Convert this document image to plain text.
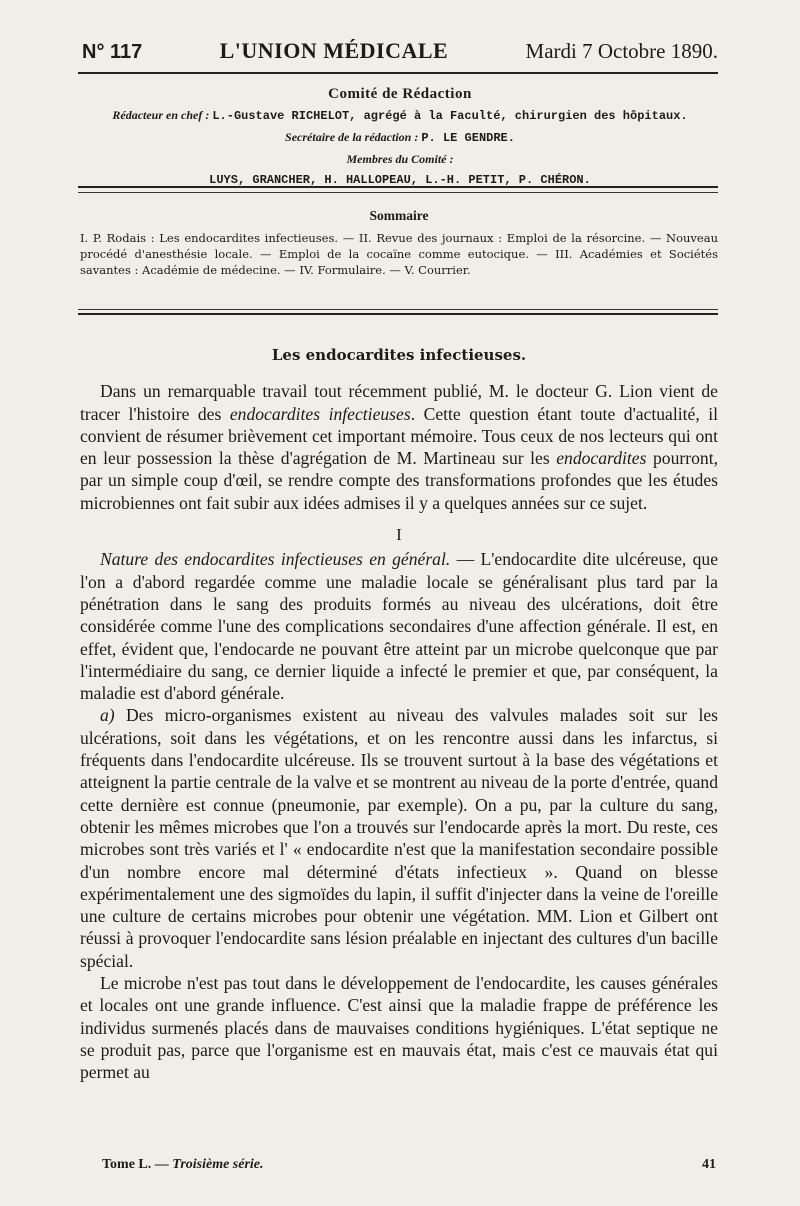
N° 117	L'UNION MÉDICALE	Mardi 7 Octobre 1890.
Comité de Rédaction
Rédacteur en chef : L.-Gustave RICHELOT, agrégé à la Faculté, chirurgien des hôpitaux.
Secrétaire de la rédaction : P. LE GENDRE.
Membres du Comité :
LUYS, GRANCHER, H. HALLOPEAU, L.-H. PETIT, P. CHÉRON.
Sommaire

I. P. Rodais : Les endocardites infectieuses. — II. Revue des journaux : Emploi de la résorcine. — Nouveau procédé d'anesthésie locale. — Emploi de la cocaïne comme eutocique. — III. Académies et Sociétés savantes : Académie de médecine. — IV. Formulaire. — V. Courrier.

Les endocardites infectieuses.

Dans un remarquable travail tout récemment publié, M. le docteur G. Lion vient de tracer l'histoire des endocardites infectieuses. Cette question étant toute d'actualité, il convient de résumer brièvement cet important mémoire. Tous ceux de nos lecteurs qui ont en leur possession la thèse d'agrégation de M. Martineau sur les endocardites pourront, par un simple coup d'œil, se rendre compte des transformations profondes que les études microbiennes ont fait subir aux idées admises il y a quelques années sur ce sujet.

I

Nature des endocardites infectieuses en général. — L'endocardite dite ulcéreuse, que l'on a d'abord regardée comme une maladie locale se généralisant plus tard par la pénétration dans le sang des produits formés au niveau des ulcérations, doit être considérée comme l'une des complications secondaires d'une affection générale. Il est, en effet, évident que, l'endocarde ne pouvant être atteint par un microbe quelconque que par l'intermédiaire du sang, ce dernier liquide a infecté le premier et que, par conséquent, la maladie est d'abord générale.

a) Des micro-organismes existent au niveau des valvules malades soit sur les ulcérations, soit dans les végétations, et on les rencontre aussi dans les infarctus, si fréquents dans l'endocardite ulcéreuse. Ils se trouvent surtout à la base des végétations et atteignent la partie centrale de la valve et se montrent au niveau de la porte d'entrée, quand cette dernière est connue (pneumonie, par exemple). On a pu, par la culture du sang, obtenir les mêmes microbes que l'on a trouvés sur l'endocarde après la mort. Du reste, ces microbes sont très variés et l' « endocardite n'est que la manifestation secondaire possible d'un nombre encore mal déterminé d'états infectieux ». Quand on blesse expérimentalement une des sigmoïdes du lapin, il suffit d'injecter dans la veine de l'oreille une culture de certains microbes pour obtenir une végétation. MM. Lion et Gilbert ont réussi à provoquer l'endocardite sans lésion préalable en injectant des cultures d'un bacille spécial.

Le microbe n'est pas tout dans le développement de l'endocardite, les causes générales et locales ont une grande influence. C'est ainsi que la maladie frappe de préférence les individus surmenés placés dans de mauvaises conditions hygiéniques. L'état septique ne se produit pas, parce que l'organisme est en mauvais état, mais c'est ce mauvais état qui permet au

Tome L. — Troisième série.	41
